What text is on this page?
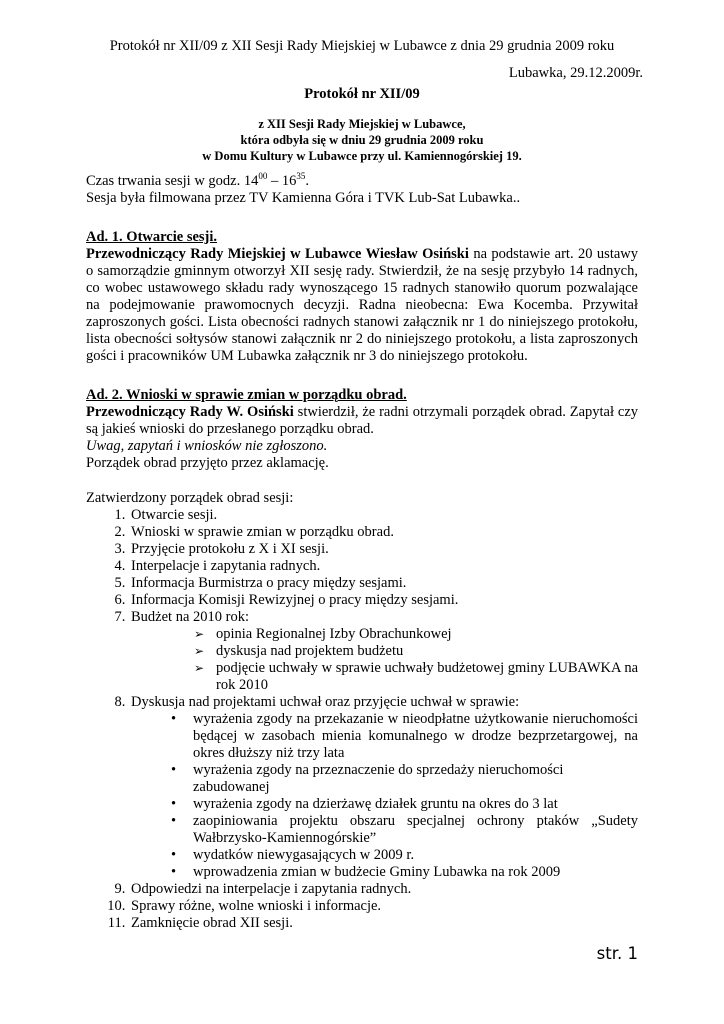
Protokół nr XII/09 z XII Sesji Rady Miejskiej w Lubawce z dnia 29 grudnia 2009 roku
Lubawka, 29.12.2009r.
Protokół nr XII/09
z XII Sesji Rady Miejskiej w Lubawce,
która odbyła się w dniu 29 grudnia 2009 roku
w Domu Kultury w Lubawce przy ul. Kamiennogórskiej 19.

Czas trwania sesji w godz. $14^{00} - 16^{35}$.

Sesja była filmowana przez TV Kamienna Góra i TVK Lub-Sat Lubawka..

Ad. 1. Otwarcie sesji.

Przewodniczący Rady Miejskiej w Lubawce Wiesław Osiński na podstawie art. 20 ustawy o samorządzie gminnym otworzył XII sesję rady. Stwierdził, że na sesję przybyło 14 radnych, co wobec ustawowego składu rady wynoszącego 15 radnych stanowiło quorum pozwalające na podejmowanie prawomocnych decyzji. Radna nieobecna: Ewa Kocemba. Przywitał zaproszonych gości. Lista obecności radnych stanowi załącznik nr 1 do niniejszego protokołu, lista obecności sołtysów stanowi załącznik nr 2 do niniejszego protokołu, a lista zaproszonych gości i pracowników UM Lubawka załącznik nr 3 do niniejszego protokołu.

Ad. 2. Wnioski w sprawie zmian w porządku obrad.

Przewodniczący Rady W. Osiński stwierdził, że radni otrzymali porządek obrad. Zapytał czy są jakieś wnioski do przesłanego porządku obrad.

Uwag, zapytań i wniosków nie zgłoszono.

Porządek obrad przyjęto przez aklamację.

Zatwierdzony porządek obrad sesji:

1. Otwarcie sesji.
2. Wnioski w sprawie zmian w porządku obrad.
3. Przyjęcie protokołu z X i XI sesji.
4. Interpelacje i zapytania radnych.
5. Informacja Burmistrza o pracy między sesjami.
6. Informacja Komisji Rewizyjnej o pracy między sesjami.
7. Budżet na 2010 rok:
➢ opinia Regionalnej Izby Obrachunkowej
➢ dyskusja nad projektem budżetu
➢ podjęcie uchwały w sprawie uchwały budżetowej gminy LUBAWKA na rok 2010
8. Dyskusja nad projektami uchwał oraz przyjęcie uchwał w sprawie:
• wyrażenia zgody na przekazanie w nieodpłatne użytkowanie nieruchomości będącej w zasobach mienia komunalnego w drodze bezprzetargowej, na okres dłuższy niż trzy lata
• wyrażenia zgody na przeznaczenie do sprzedaży nieruchomości zabudowanej
• wyrażenia zgody na dzierżawę działek gruntu na okres do 3 lat
• zaopiniowania projektu obszaru specjalnej ochrony ptaków „Sudety Wałbrzysko-Kamiennogórskie”
• wydatków niewygasających w 2009 r.
• wprowadzenia zmian w budżecie Gminy Lubawka na rok 2009
9. Odpowiedzi na interpelacje i zapytania radnych.
10. Sprawy różne, wolne wnioski i informacje.
11. Zamknięcie obrad XII sesji.
str. 1
